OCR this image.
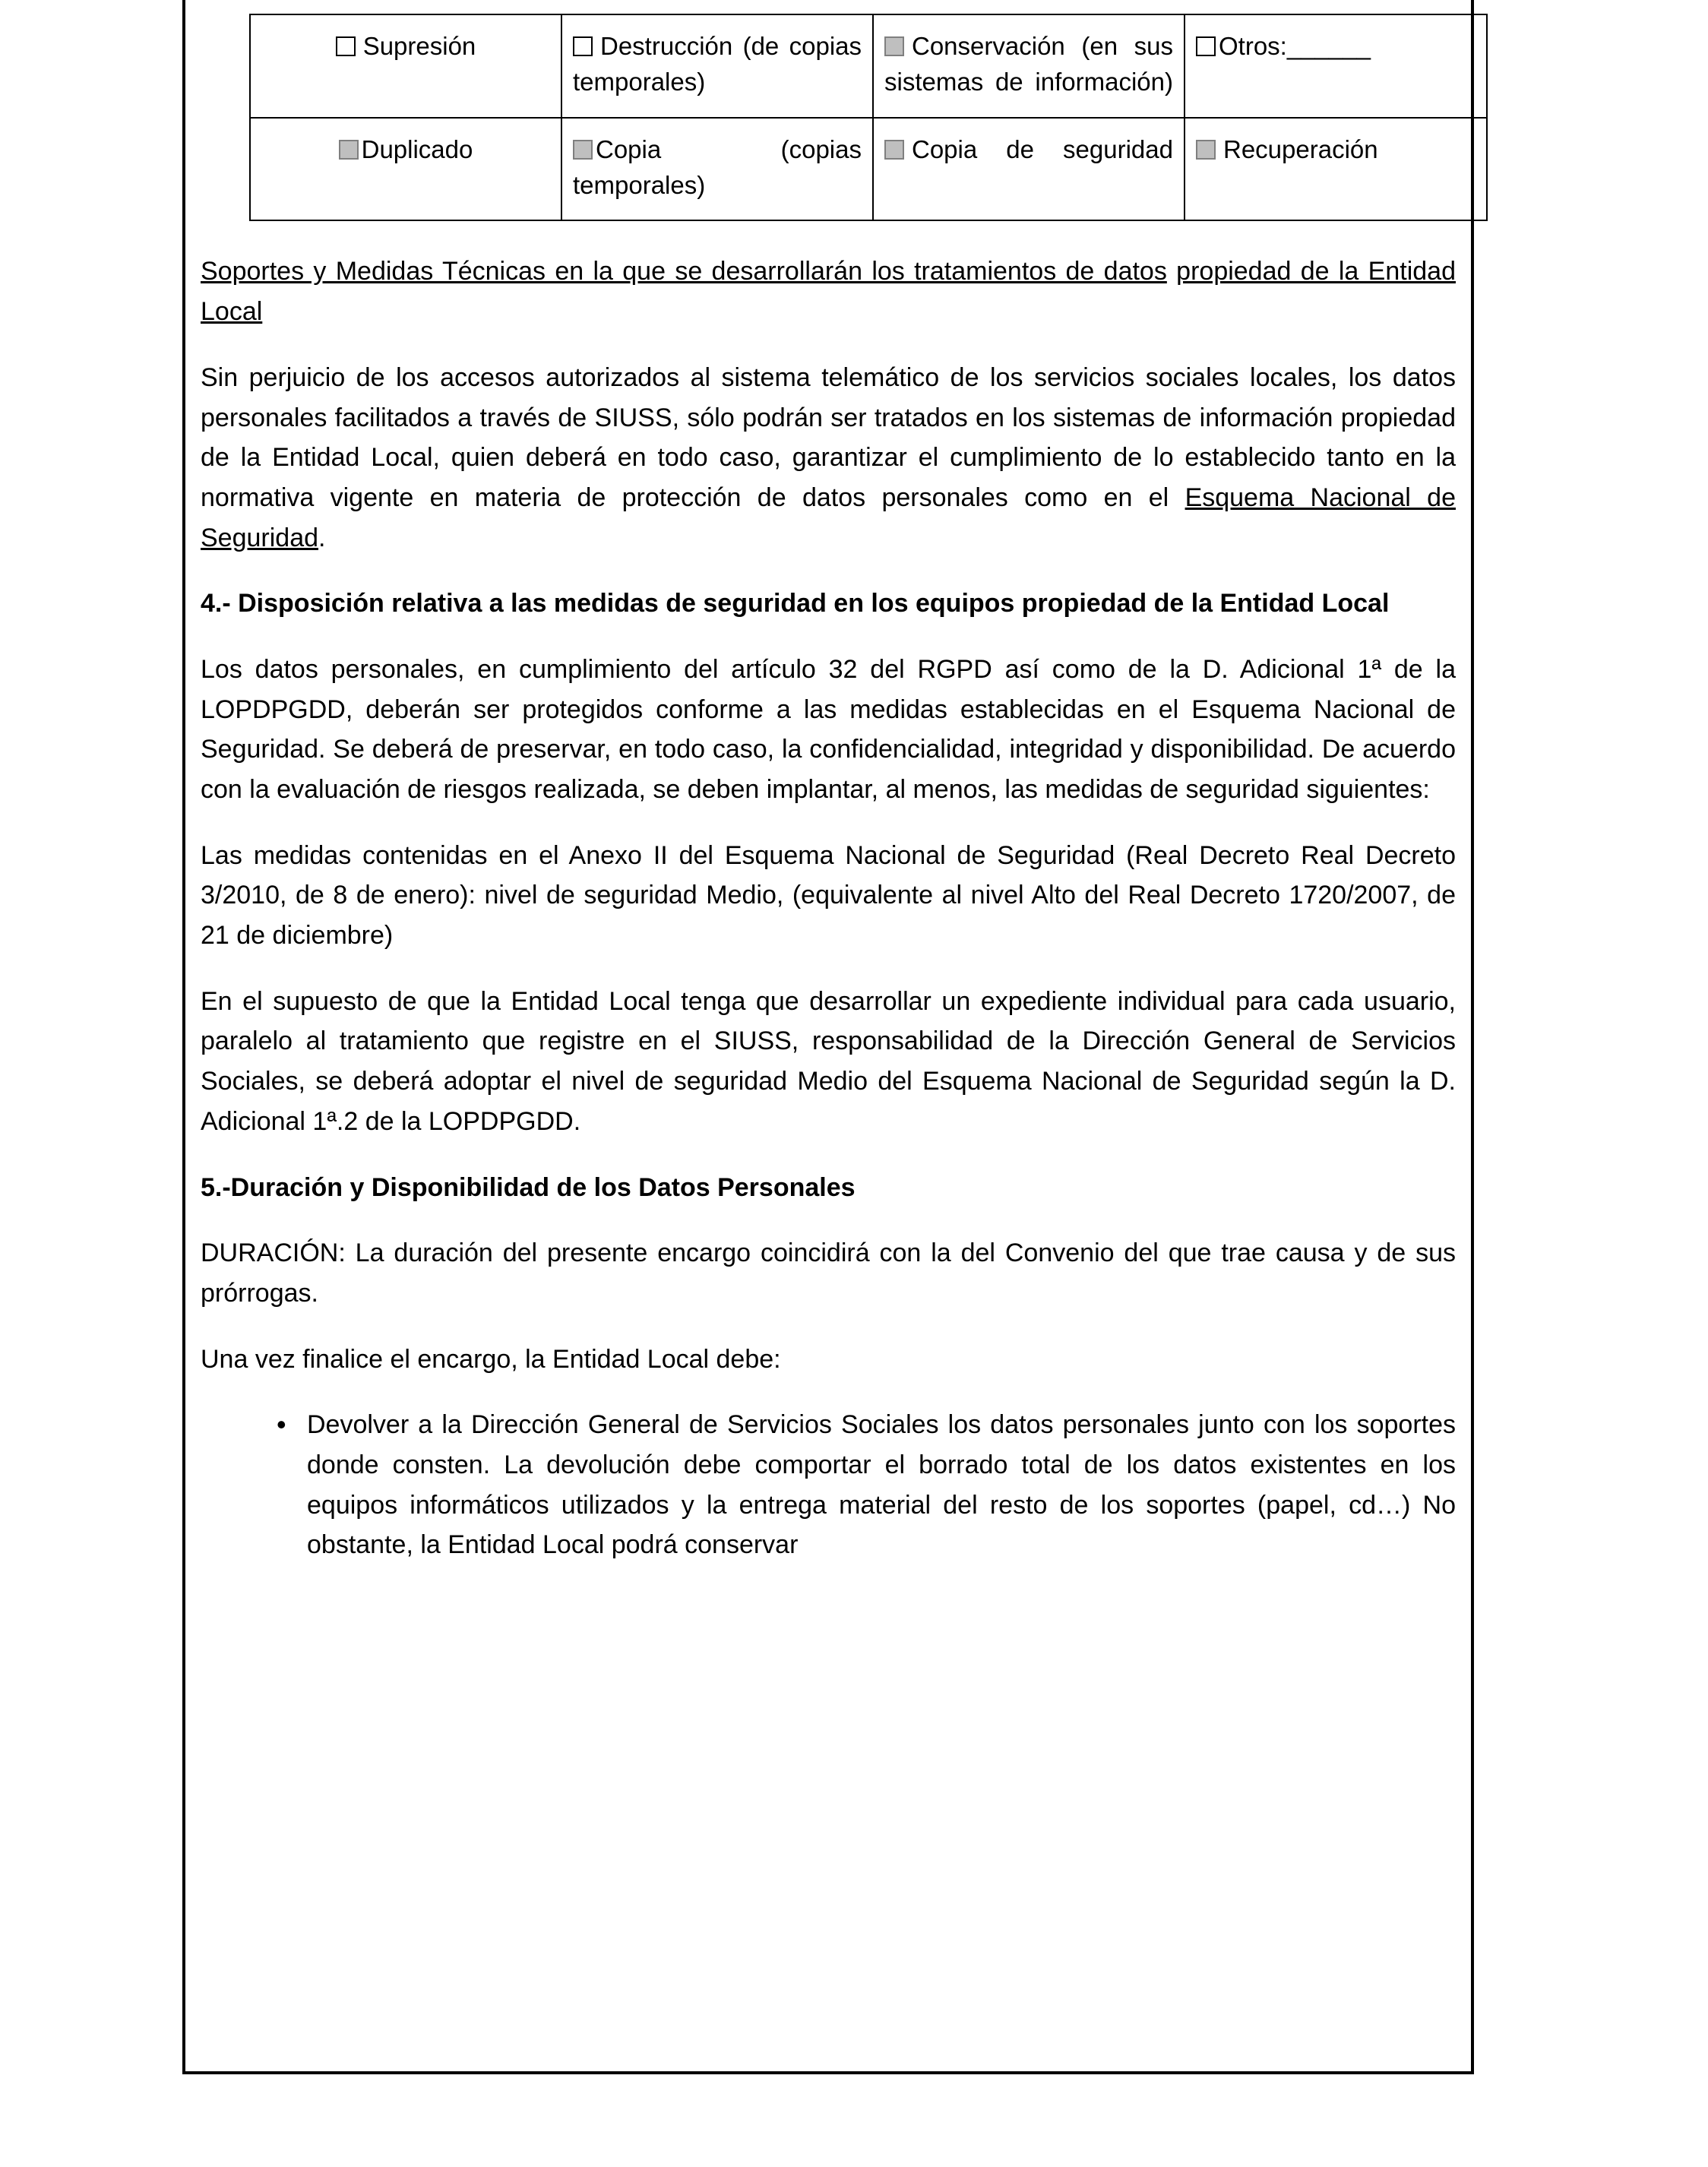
Supresión	Destrucción (de copias temporales)	Conservación (en sus sistemas de información)	Otros:______
Duplicado	Copia (copias temporales)	Copia de seguridad	Recuperación

Soportes y Medidas Técnicas en la que se desarrollarán los tratamientos de datos propiedad de la Entidad Local

Sin perjuicio de los accesos autorizados al sistema telemático de los servicios sociales locales, los datos personales facilitados a través de SIUSS, sólo podrán ser tratados en los sistemas de información propiedad de la Entidad Local, quien deberá en todo caso, garantizar el cumplimiento de lo establecido tanto en la normativa vigente en materia de protección de datos personales como en el Esquema Nacional de Seguridad.

4.- Disposición relativa a las medidas de seguridad en los equipos propiedad de la Entidad Local

Los datos personales, en cumplimiento del artículo 32 del RGPD así como de la D. Adicional 1ª de la LOPDPGDD, deberán ser protegidos conforme a las medidas establecidas en el Esquema Nacional de Seguridad. Se deberá de preservar, en todo caso, la confidencialidad, integridad y disponibilidad. De acuerdo con la evaluación de riesgos realizada, se deben implantar, al menos, las medidas de seguridad siguientes:

Las medidas contenidas en el Anexo II del Esquema Nacional de Seguridad (Real Decreto Real Decreto 3/2010, de 8 de enero): nivel de seguridad Medio, (equivalente al nivel Alto del Real Decreto 1720/2007, de 21 de diciembre)

En el supuesto de que la Entidad Local tenga que desarrollar un expediente individual para cada usuario, paralelo al tratamiento que registre en el SIUSS, responsabilidad de la Dirección General de Servicios Sociales, se deberá adoptar el nivel de seguridad Medio del Esquema Nacional de Seguridad según la D. Adicional 1ª.2 de la LOPDPGDD.

5.-Duración y Disponibilidad de los Datos Personales

DURACIÓN: La duración del presente encargo coincidirá con la del Convenio del que trae causa y de sus prórrogas.

Una vez finalice el encargo, la Entidad Local debe:

• Devolver a la Dirección General de Servicios Sociales los datos personales junto con los soportes donde consten. La devolución debe comportar el borrado total de los datos existentes en los equipos informáticos utilizados y la entrega material del resto de los soportes (papel, cd…) No obstante, la Entidad Local podrá conservar
